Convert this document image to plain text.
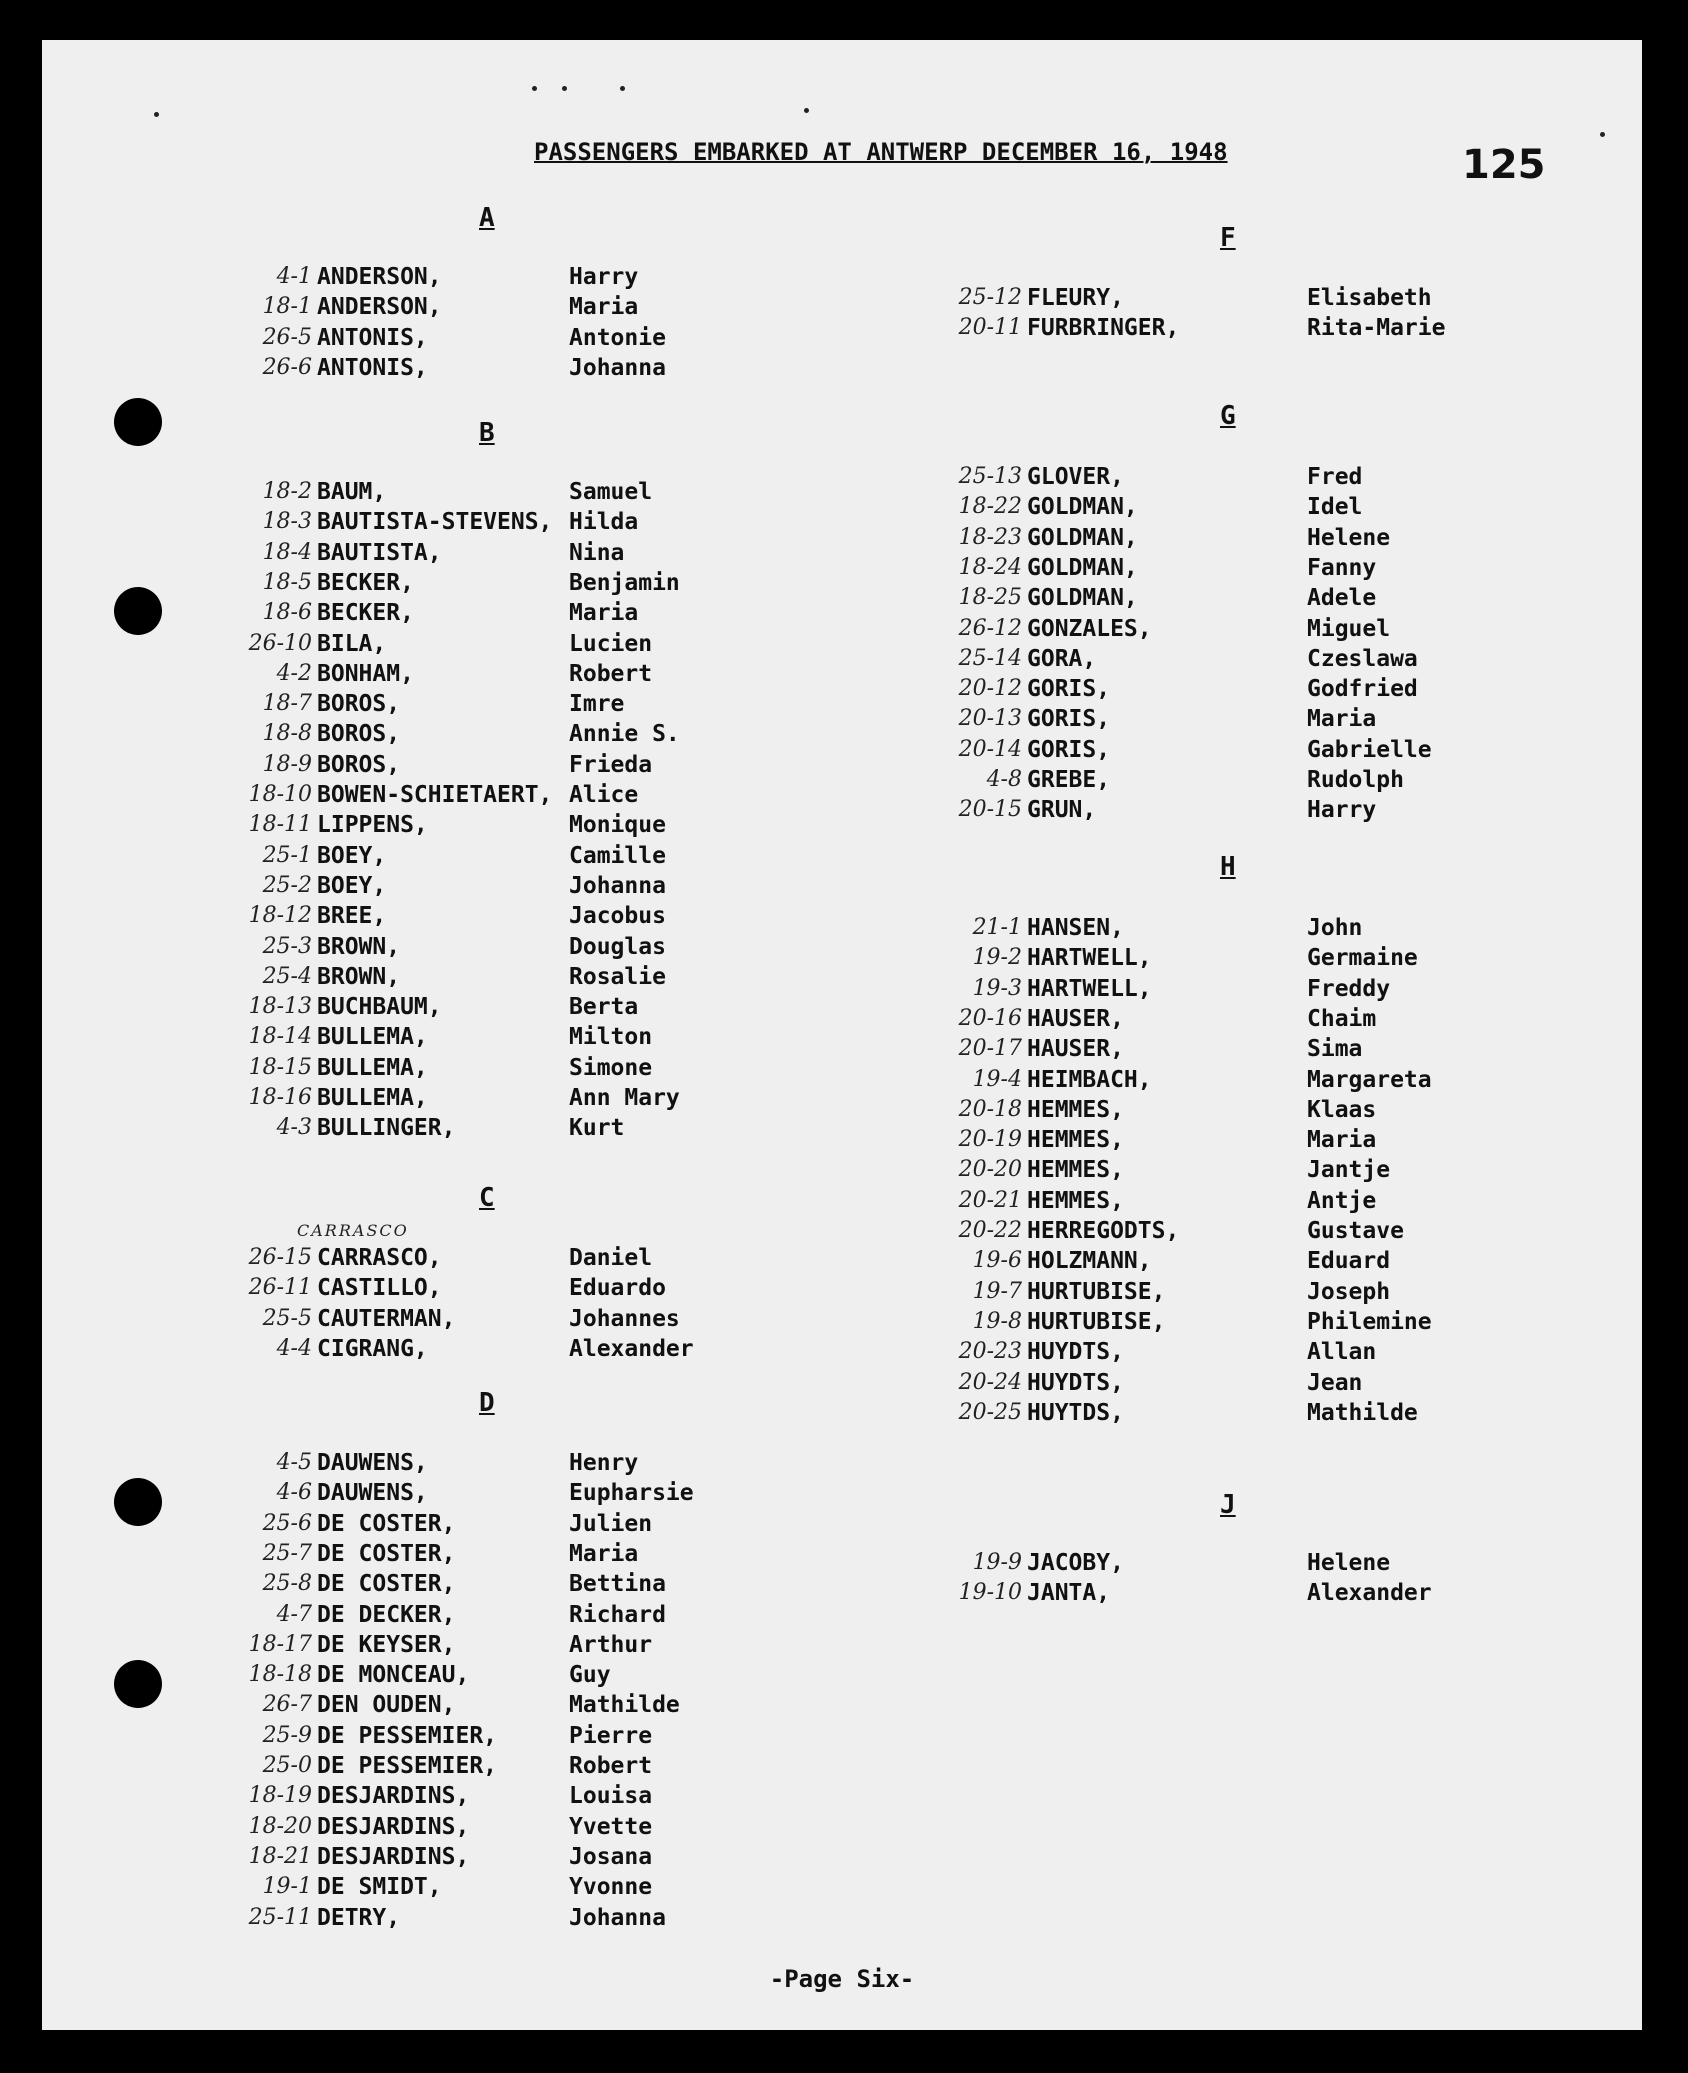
PASSENGERS EMBARKED AT ANTWERP DECEMBER 16, 1948	125
A
4-1 ANDERSON,	Harry
18-1 ANDERSON,	Maria
26-5 ANTONIS,	Antonie
26-6 ANTONIS,	Johanna
B
18-2 BAUM,	Samuel
18-3 BAUTISTA-STEVENS, Hilda
18-4 BAUTISTA,	Nina
18-5 BECKER,	Benjamin
18-6 BECKER,	Maria
26-10 BILA,	Lucien
4-2 BONHAM,	Robert
18-7 BOROS,	Imre
18-8 BOROS,	Annie S.
18-9 BOROS,	Frieda
18-10 BOWEN-SCHIETAERT, Alice
18-11 LIPPENS,	Monique
25-1 BOEY,	Camille
25-2 BOEY,	Johanna
18-12 BREE,	Jacobus
25-3 BROWN,	Douglas
25-4 BROWN,	Rosalie
18-13 BUCHBAUM,	Berta
18-14 BULLEMA,	Milton
18-15 BULLEMA,	Simone
18-16 BULLEMA,	Ann Mary
4-3 BULLINGER,	Kurt
C
26-15 CARRASCO,	Daniel
CARRASCO
26-11 CASTILLO,	Eduardo
25-5 CAUTERMAN,	Johannes
4-4 CIGRANG,	Alexander
D
4-5 DAUWENS,	Henry
4-6 DAUWENS,	Eupharsie
25-6 DE COSTER,	Julien
25-7 DE COSTER,	Maria
25-8 DE COSTER,	Bettina
4-7 DE DECKER,	Richard
18-17 DE KEYSER,	Arthur
18-18 DE MONCEAU,	Guy
26-7 DEN OUDEN,	Mathilde
25-9 DE PESSEMIER,	Pierre
25-0 DE PESSEMIER,	Robert
18-19 DESJARDINS,	Louisa
18-20 DESJARDINS,	Yvette
18-21 DESJARDINS,	Josana
19-1 DE SMIDT,	Yvonne
25-11 DETRY,	Johanna
F
25-12 FLEURY,	Elisabeth
20-11 FURBRINGER,	Rita-Marie
G
25-13 GLOVER,	Fred
18-22 GOLDMAN,	Idel
18-23 GOLDMAN,	Helene
18-24 GOLDMAN,	Fanny
18-25 GOLDMAN,	Adele
26-12 GONZALES,	Miguel
25-14 GORA,	Czeslawa
20-12 GORIS,	Godfried
20-13 GORIS,	Maria
20-14 GORIS,	Gabrielle
4-8 GREBE,	Rudolph
20-15 GRUN,	Harry
H
21-1 HANSEN,	John
19-2 HARTWELL,	Germaine
19-3 HARTWELL,	Freddy
20-16 HAUSER,	Chaim
20-17 HAUSER,	Sima
19-4 HEIMBACH,	Margareta
20-18 HEMMES,	Klaas
20-19 HEMMES,	Maria
20-20 HEMMES,	Jantje
20-21 HEMMES,	Antje
20-22 HERREGODTS,	Gustave
19-6 HOLZMANN,	Eduard
19-7 HURTUBISE,	Joseph
19-8 HURTUBISE,	Philemine
20-23 HUYDTS,	Allan
20-24 HUYDTS,	Jean
20-25 HUYTDS,	Mathilde
J
19-9 JACOBY,	Helene
19-10 JANTA,	Alexander
-Page Six-
